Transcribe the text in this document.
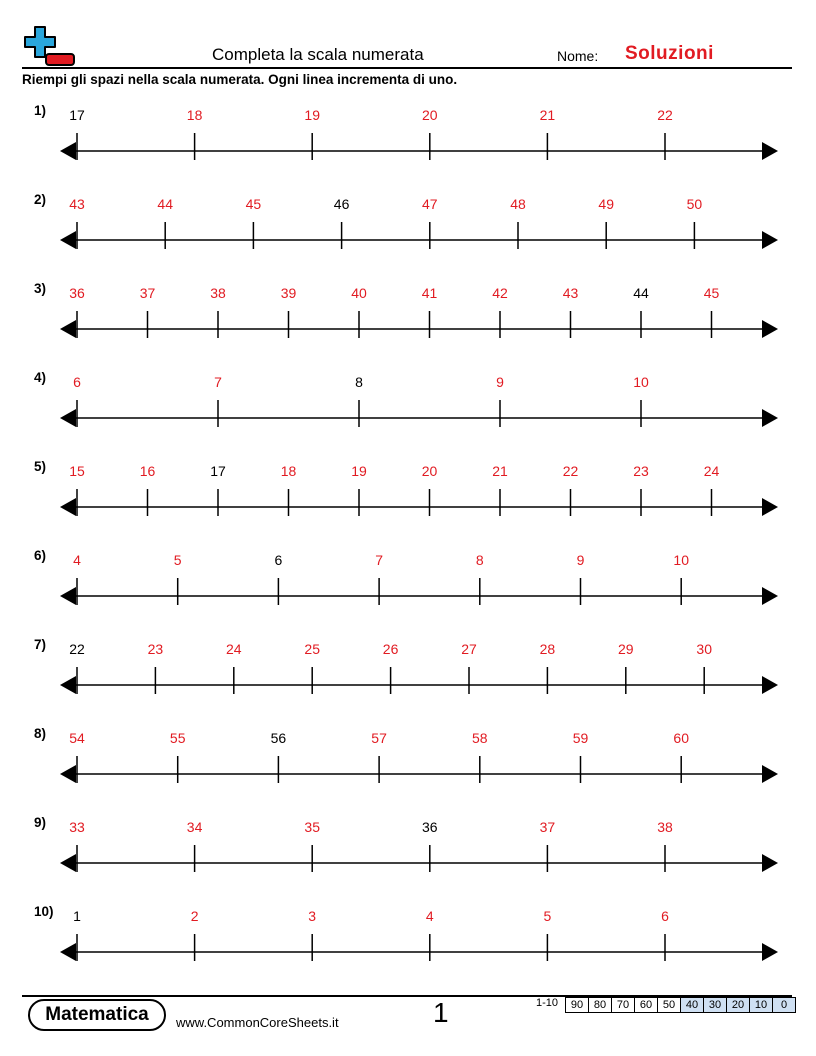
Completa la scala numerata	Nome: Soluzioni
Riempi gli spazi nella scala numerata. Ogni linea incrementa di uno.
1) 17	18	19	20	21	22
2) 43	44	45	46	47	48	49	50
3) 36	37	38	39	40	41	42	43	44	45
4) 6	7	8	9	10
5) 15	16	17	18	19	20	21	22	23	24
6) 4	5	6	7	8	9	10
7) 22	23	24	25	26	27	28	29	30
8) 54	55	56	57	58	59	60
9) 33	34	35	36	37	38
10) 1	2	3	4	5	6
Matematica	www.CommonCoreSheets.it	1	1-10 90	80	70	60	50	40	30	20	10	0
